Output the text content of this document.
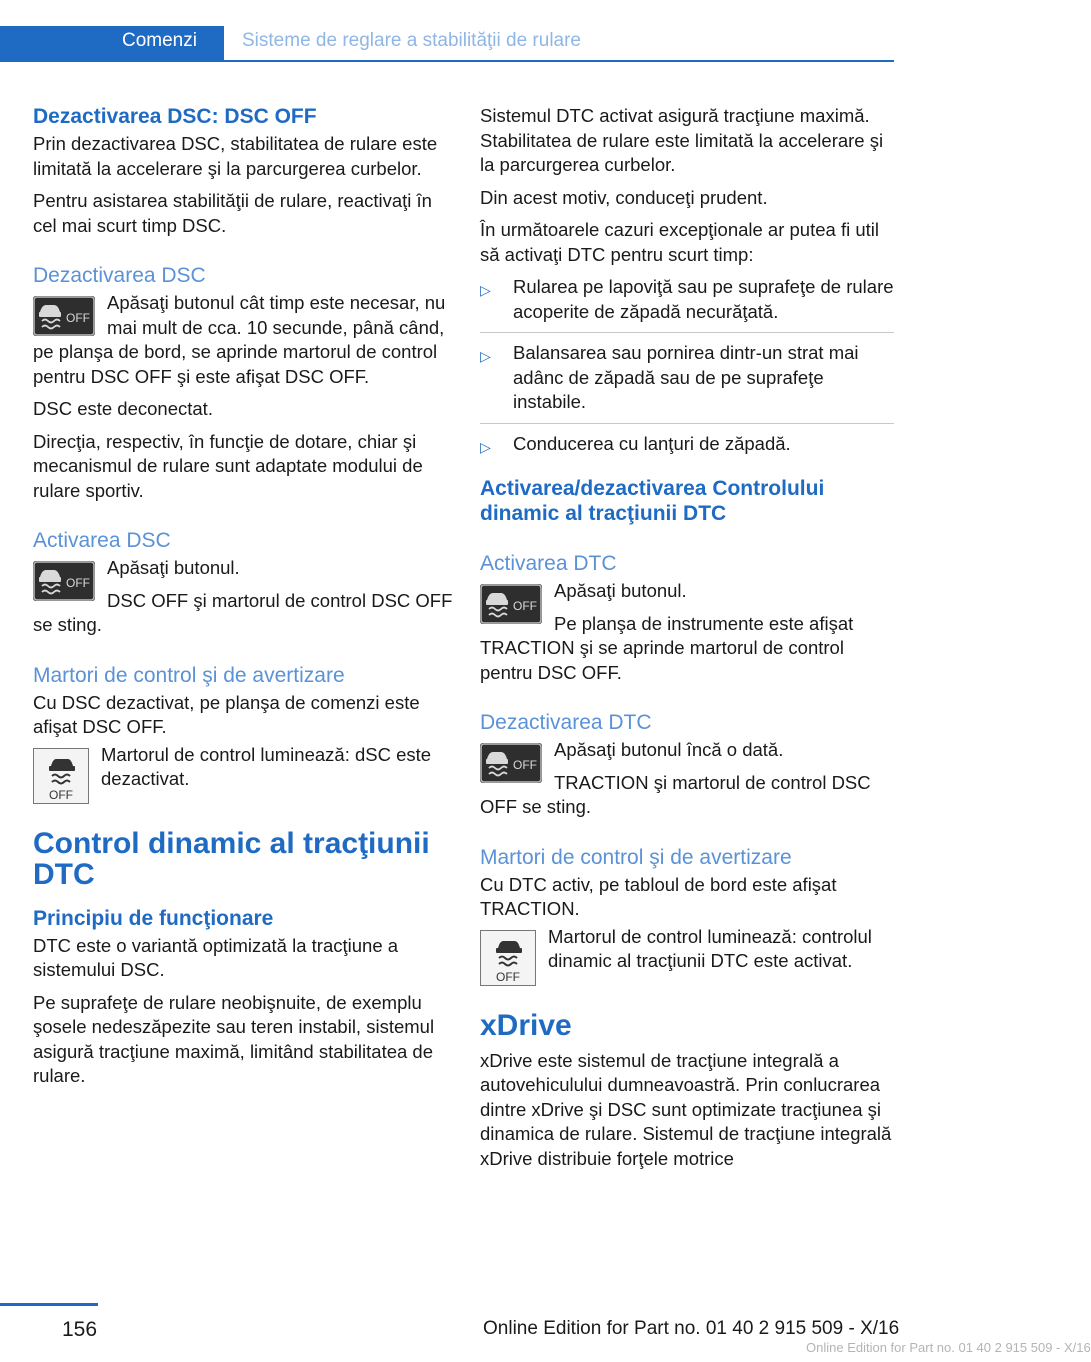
Comenzi	Sisteme de reglare a stabilităţii de rulare
Dezactivarea DSC: DSC OFF

Prin dezactivarea DSC, stabilitatea de rulare este limitată la accelerare şi la parcurgerea curbelor.

Pentru asistarea stabilităţii de rulare, reactivaţi în cel mai scurt timp DSC.

Dezactivarea DSC
OFF

Apăsaţi butonul cât timp este necesar, nu mai mult de cca. 10 secunde, până când, pe planşa de bord, se aprinde martorul de control pentru DSC OFF şi este afişat DSC OFF.

DSC este deconectat.

Direcţia, respectiv, în funcţie de dotare, chiar şi mecanismul de rulare sunt adaptate modului de rulare sportiv.

Activarea DSC
OFF

Apăsaţi butonul.

DSC OFF şi martorul de control DSC OFF se sting.

Martori de control şi de avertizare

Cu DSC dezactivat, pe planşa de comenzi este afişat DSC OFF.

OFF

Martorul de control luminează: dSC este dezactivat.

Control dinamic al tracţiunii DTC
Principiu de funcţionare

DTC este o variantă optimizată la tracţiune a sistemului DSC.

Pe suprafeţe de rulare neobişnuite, de exemplu şosele nedeszăpezite sau teren instabil, sistemul asigură tracţiune maximă, limitând stabilitatea de rulare.

Sistemul DTC activat asigură tracţiune maximă. Stabilitatea de rulare este limitată la accelerare şi la parcurgerea curbelor.

Din acest motiv, conduceţi prudent.

În următoarele cazuri excepţionale ar putea fi util să activaţi DTC pentru scurt timp:

▷ Rularea pe lapoviţă sau pe suprafeţe de rulare acoperite de zăpadă necurăţată.
▷ Balansarea sau pornirea dintr-un strat mai adânc de zăpadă sau de pe suprafeţe instabile.
▷ Conducerea cu lanţuri de zăpadă.
Activarea/dezactivarea Controlului dinamic al tracţiunii DTC
Activarea DTC
OFF

Apăsaţi butonul.

Pe planşa de instrumente este afişat TRACTION şi se aprinde martorul de control pentru DSC OFF.

Dezactivarea DTC
OFF

Apăsaţi butonul încă o dată.

TRACTION şi martorul de control DSC OFF se sting.

Martori de control şi de avertizare

Cu DTC activ, pe tabloul de bord este afişat TRACTION.

OFF

Martorul de control luminează: controlul dinamic al tracţiunii DTC este activat.

xDrive

xDrive este sistemul de tracţiune integrală a autovehiculului dumneavoastră. Prin conlucrarea dintre xDrive şi DSC sunt optimizate tracţiunea şi dinamica de rulare. Sistemul de tracţiune integrală xDrive distribuie forţele motrice

156	Online Edition for Part no. 01 40 2 915 509 - X/16
Online Edition for Part no. 01 40 2 915 509 - X/16
